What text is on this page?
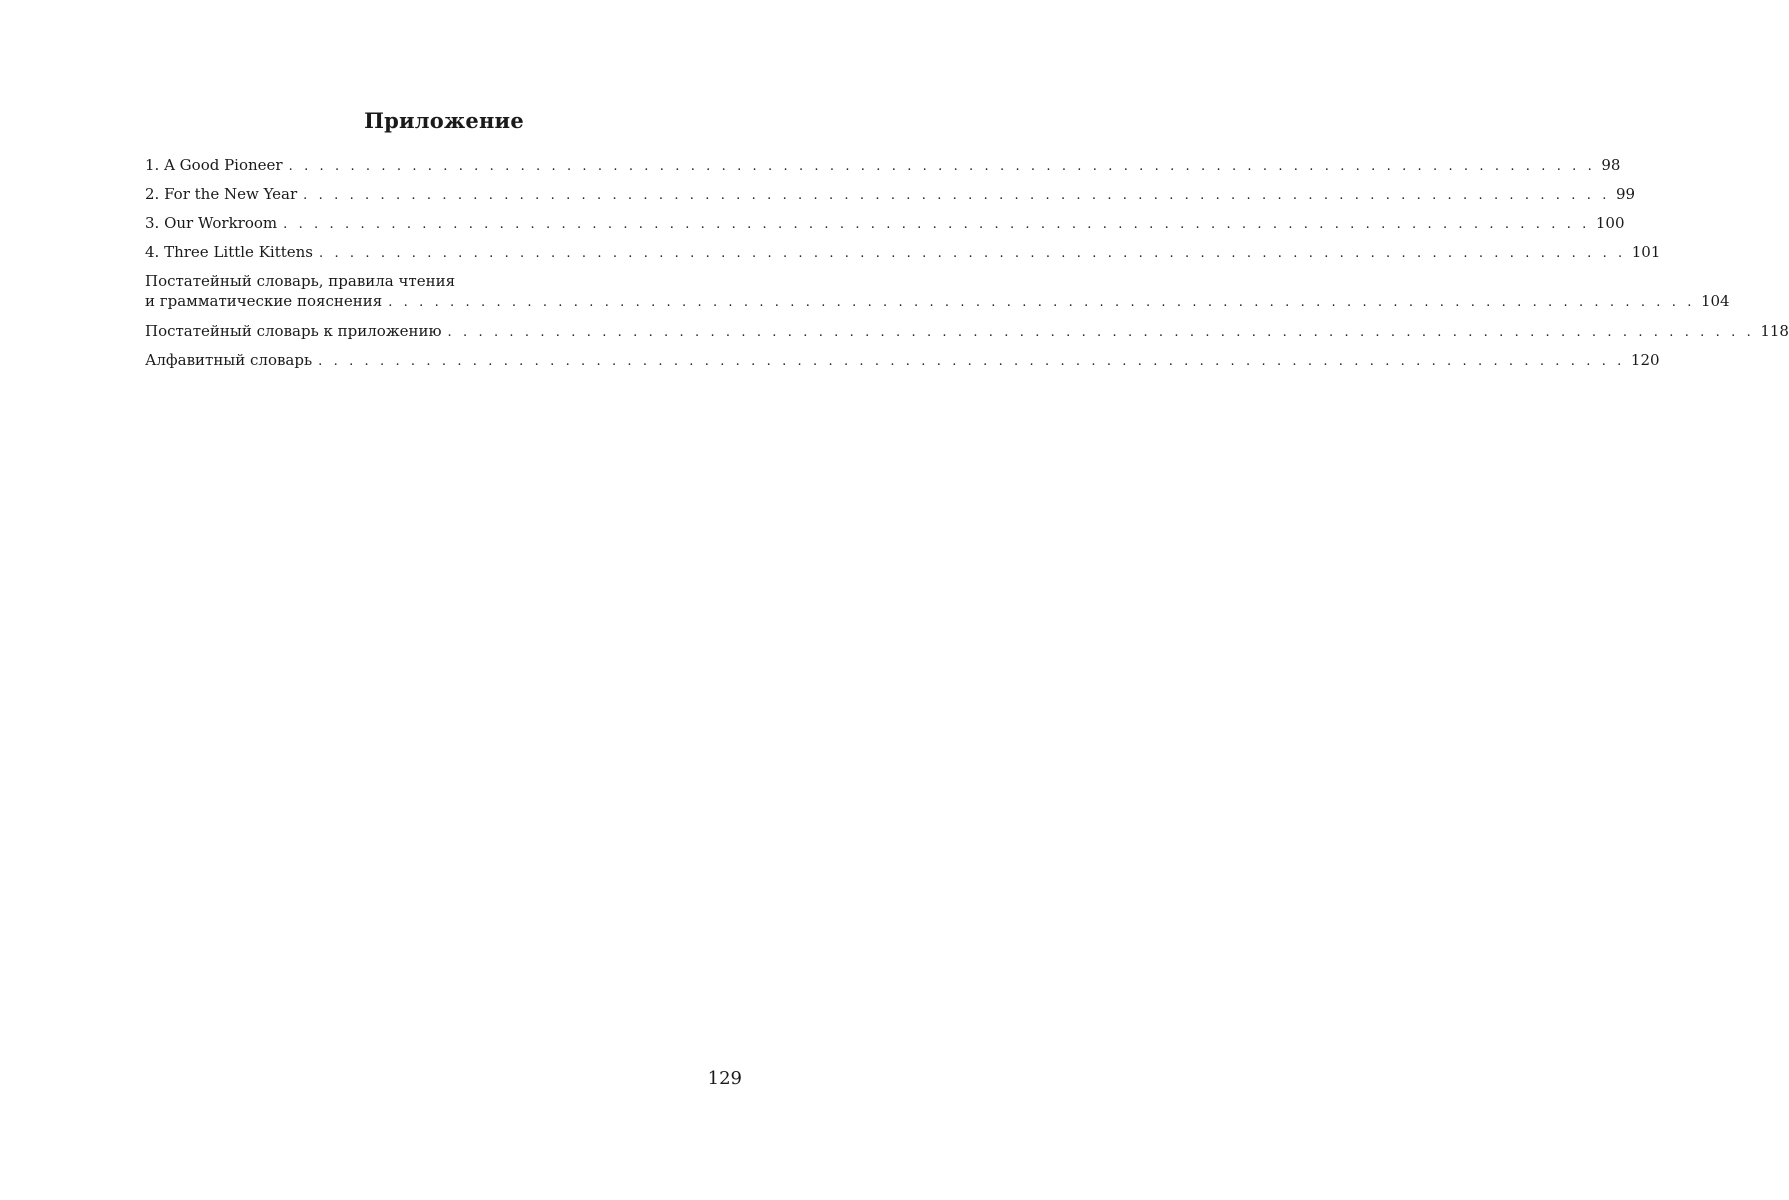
Приложение
1. A Good Pioneer . . . . . . . . . . . . . . . . . . . . . . . . . . . . . . . . . . . . . . . . . . . . . . . . . . . . . . . . . . . . . . . . . . . . . . . . . . . . . . . . . . . . . 98
2. For the New Year . . . . . . . . . . . . . . . . . . . . . . . . . . . . . . . . . . . . . . . . . . . . . . . . . . . . . . . . . . . . . . . . . . . . . . . . . . . . . . . . . . . . . 99
3. Our Workroom . . . . . . . . . . . . . . . . . . . . . . . . . . . . . . . . . . . . . . . . . . . . . . . . . . . . . . . . . . . . . . . . . . . . . . . . . . . . . . . . . . . . . 100
4. Three Little Kittens . . . . . . . . . . . . . . . . . . . . . . . . . . . . . . . . . . . . . . . . . . . . . . . . . . . . . . . . . . . . . . . . . . . . . . . . . . . . . . . . . . . . . 101
Постатейный словарь, правила чтения
и грамматические пояснения . . . . . . . . . . . . . . . . . . . . . . . . . . . . . . . . . . . . . . . . . . . . . . . . . . . . . . . . . . . . . . . . . . . . . . . . . . . . . . . . . . . . . 104
Постатейный словарь к приложению . . . . . . . . . . . . . . . . . . . . . . . . . . . . . . . . . . . . . . . . . . . . . . . . . . . . . . . . . . . . . . . . . . . . . . . . . . . . . . . . . . . . . 118
Алфавитный словарь . . . . . . . . . . . . . . . . . . . . . . . . . . . . . . . . . . . . . . . . . . . . . . . . . . . . . . . . . . . . . . . . . . . . . . . . . . . . . . . . . . . . . 120
129
